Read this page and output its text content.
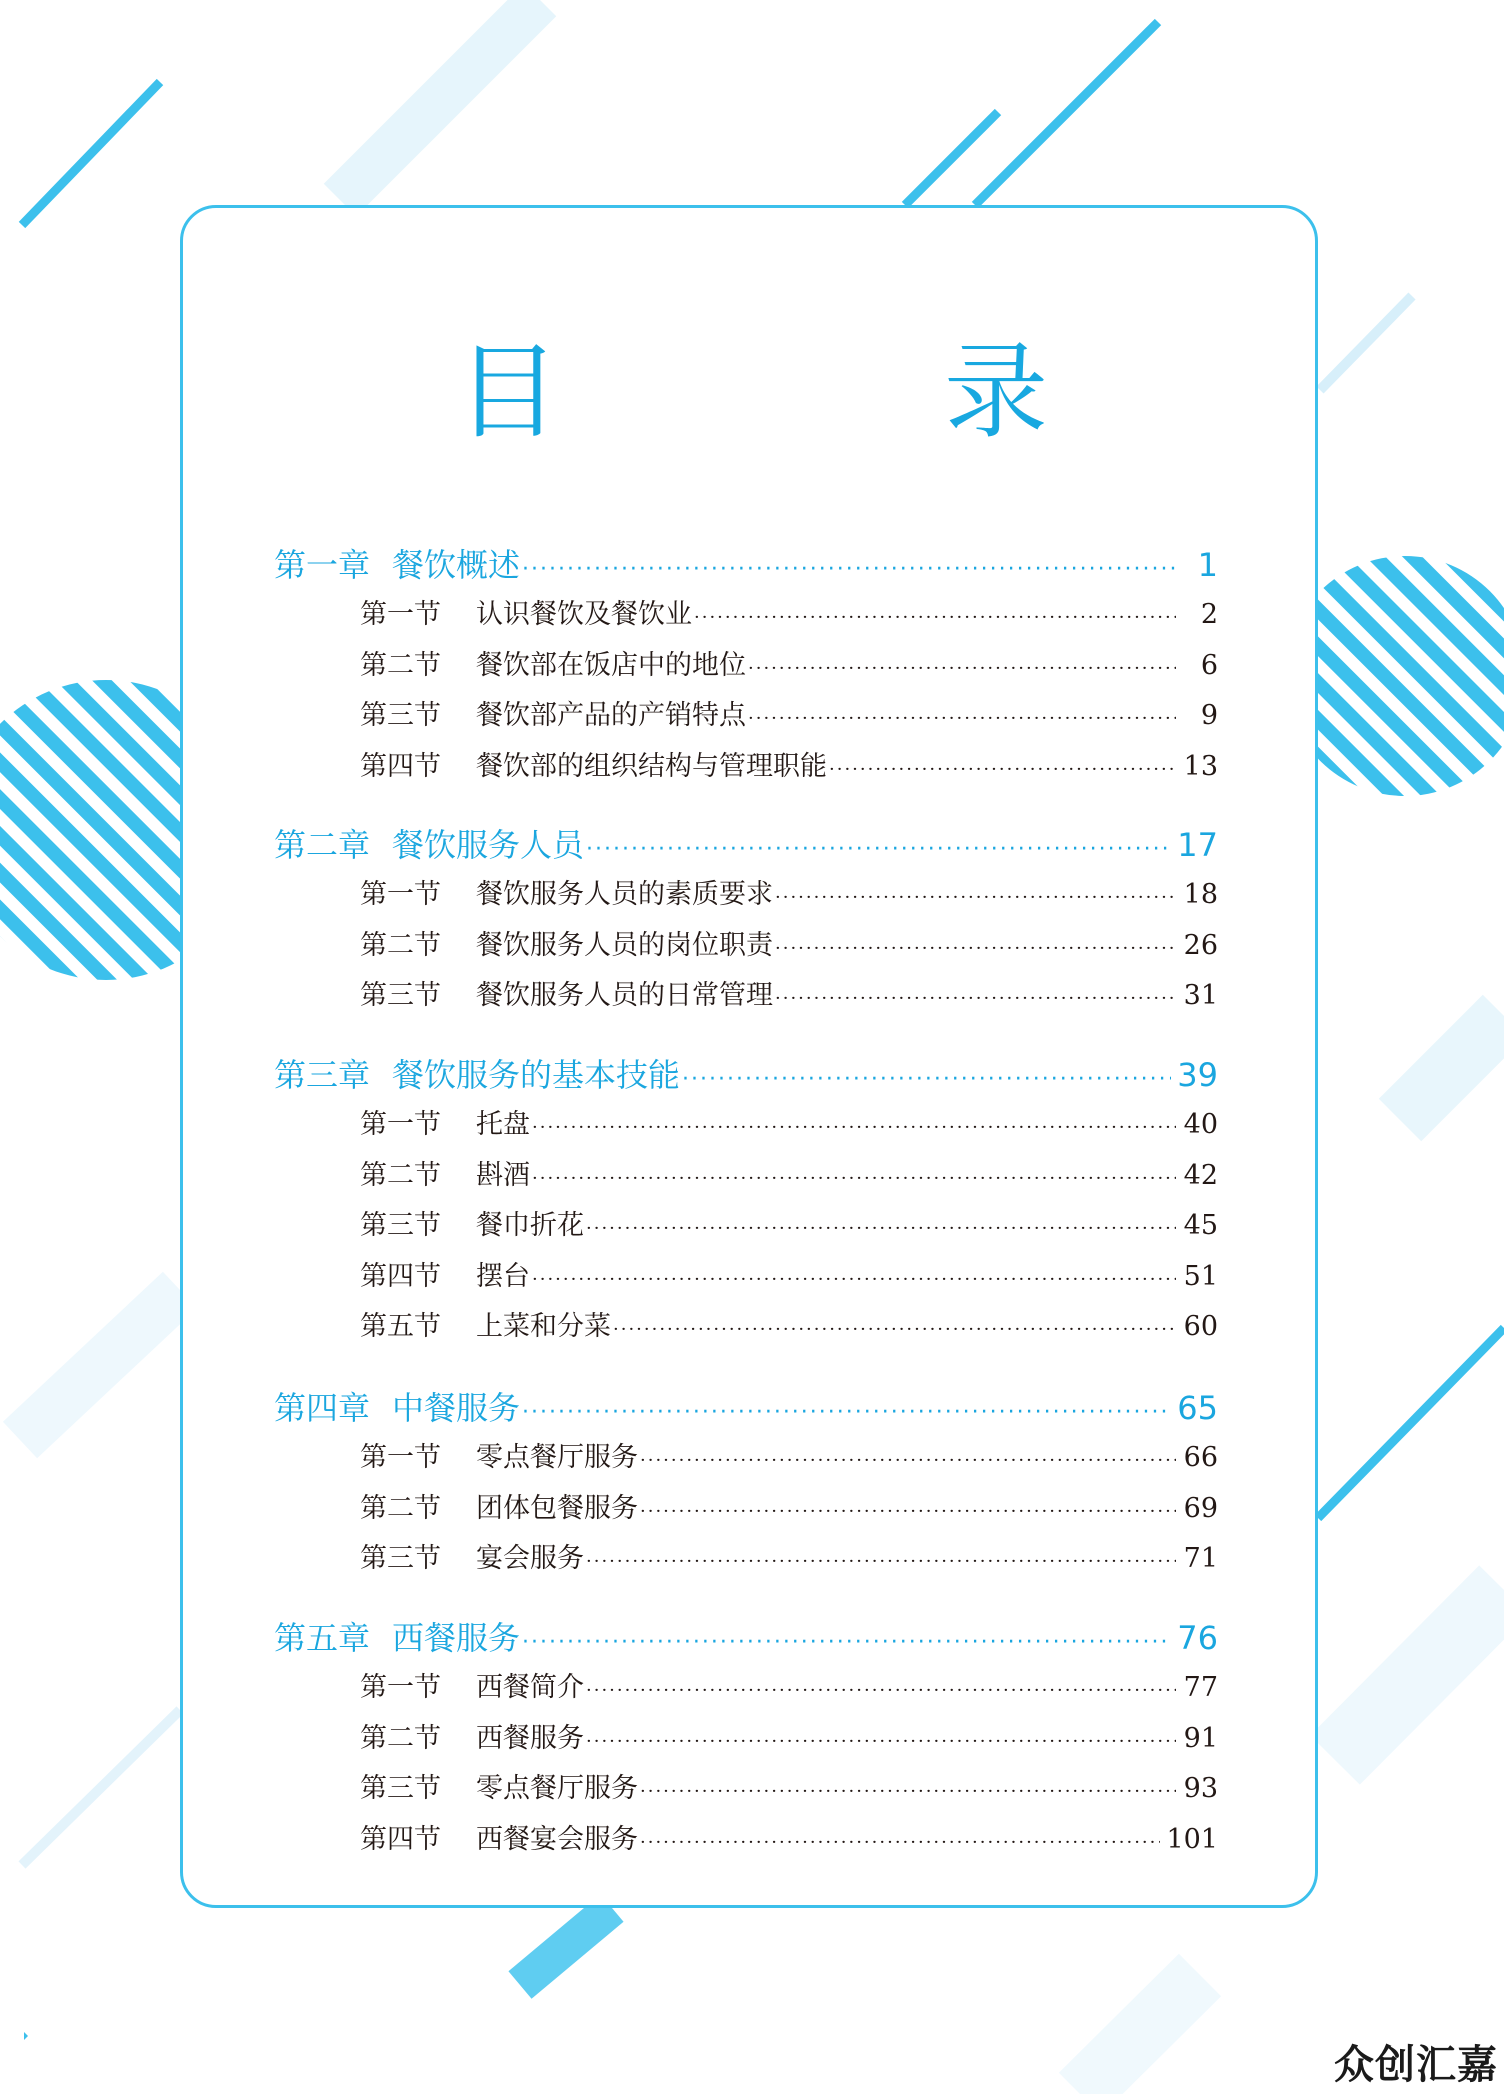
目　录
第一章 餐饮概述 ·····	1
第一节	认识餐饮及餐饮业 ·····	2
第二节	餐饮部在饭店中的地位 ·····	6
第三节	餐饮部产品的产销特点 ·····	9
第四节	餐饮部的组织结构与管理职能 ·····	13
第二章 餐饮服务人员 ·····	17
第一节	餐饮服务人员的素质要求 ·····	18
第二节	餐饮服务人员的岗位职责 ·····	26
第三节	餐饮服务人员的日常管理 ·····	31
第三章 餐饮服务的基本技能 ·····	39
第一节	托盘 ·····	40
第二节	斟酒 ·····	42
第三节	餐巾折花 ·····	45
第四节	摆台 ·····	51
第五节	上菜和分菜 ·····	60
第四章 中餐服务 ·····	65
第一节	零点餐厅服务 ·····	66
第二节	团体包餐服务 ·····	69
第三节	宴会服务 ·····	71
第五章 西餐服务 ·····	76
第一节	西餐简介 ·····	77
第二节	西餐服务 ·····	91
第三节	零点餐厅服务 ·····	93
第四节	西餐宴会服务 ·····	101
众创汇嘉
